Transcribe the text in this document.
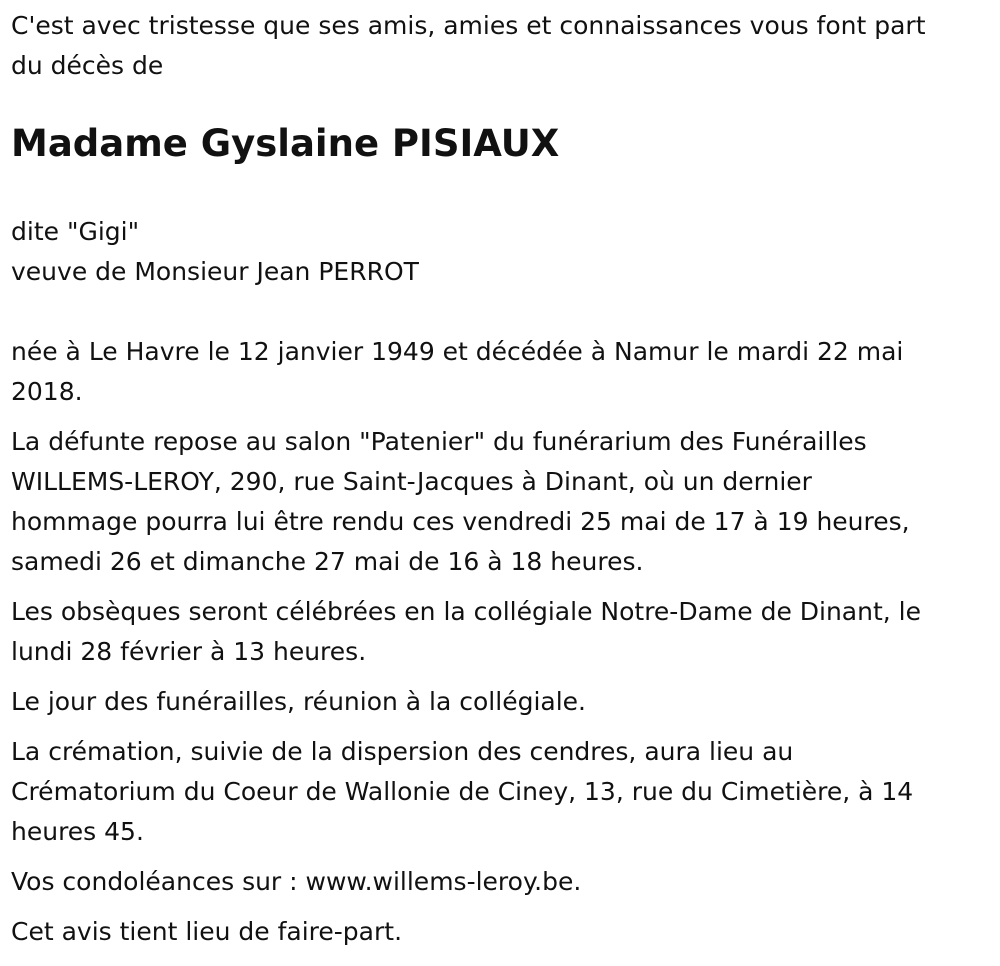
C'est avec tristesse que ses amis, amies et connaissances vous font part

du décès de

Madame Gyslaine PISIAUX

dite "Gigi"

veuve de Monsieur Jean PERROT

née à Le Havre le 12 janvier 1949 et décédée à Namur le mardi 22 mai

2018.

La défunte repose au salon "Patenier" du funérarium des Funérailles

WILLEMS-LEROY, 290, rue Saint-Jacques à Dinant, où un dernier

hommage pourra lui être rendu ces vendredi 25 mai de 17 à 19 heures,

samedi 26 et dimanche 27 mai de 16 à 18 heures.

Les obsèques seront célébrées en la collégiale Notre-Dame de Dinant, le

lundi 28 février à 13 heures.

Le jour des funérailles, réunion à la collégiale.

La crémation, suivie de la dispersion des cendres, aura lieu au

Crématorium du Coeur de Wallonie de Ciney, 13, rue du Cimetière, à 14

heures 45.

Vos condoléances sur : www.willems-leroy.be.

Cet avis tient lieu de faire-part.
